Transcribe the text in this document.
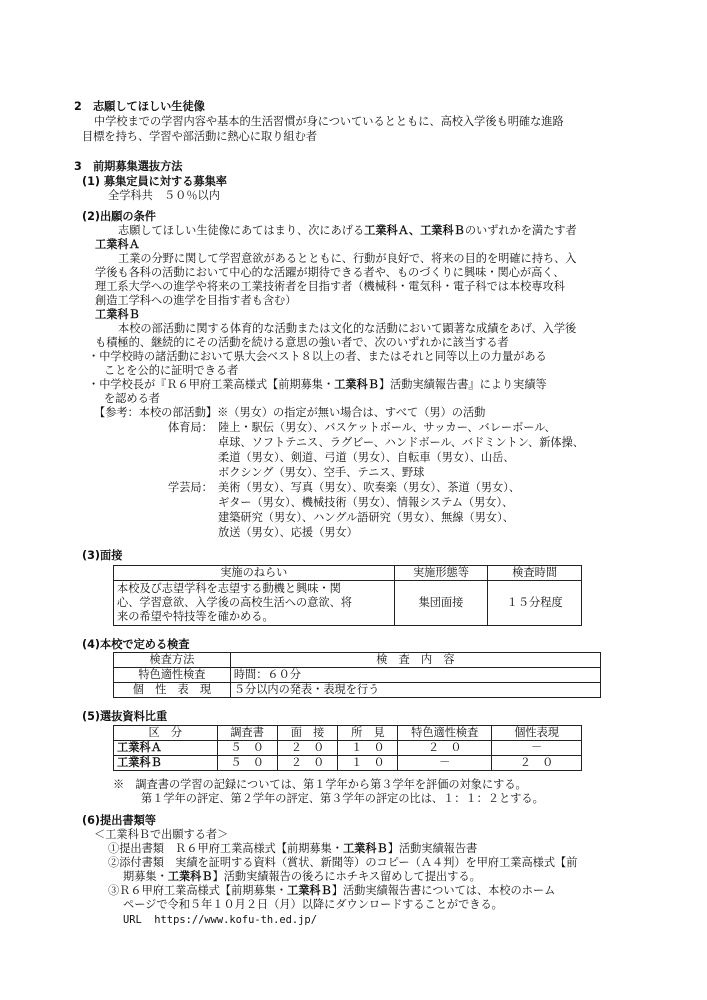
2　志願してほしい生徒像
中学校までの学習内容や基本的生活習慣が身についているとともに、高校入学後も明確な進路
目標を持ち、学習や部活動に熱心に取り組む者
3　前期募集選抜方法
(1) 募集定員に対する募集率
全学科共　５０％以内
(2)出願の条件
志願してほしい生徒像にあてはまり、次にあげる工業科Ａ、工業科Ｂのいずれかを満たす者
工業科Ａ
工業の分野に関して学習意欲があるとともに、行動が良好で、将来の目的を明確に持ち、入
学後も各科の活動において中心的な活躍が期待できる者や、ものづくりに興味・関心が高く、
理工系大学への進学や将来の工業技術者を目指す者（機械科・電気科・電子科では本校専攻科
創造工学科への進学を目指す者も含む）
工業科Ｂ
本校の部活動に関する体育的な活動または文化的な活動において顕著な成績をあげ、入学後
も積極的、継続的にその活動を続ける意思の強い者で、次のいずれかに該当する者
・中学校時の諸活動において県大会ベスト８以上の者、またはそれと同等以上の力量がある
ことを公的に証明できる者
・中学校長が『Ｒ６甲府工業高様式【前期募集・工業科Ｂ】活動実績報告書』により実績等
を認める者
【参考：本校の部活動】※（男女）の指定が無い場合は、すべて（男）の活動
体育局： 陸上・駅伝（男女）、バスケットボール、サッカー、バレーボール、
卓球、ソフトテニス、ラグビー、ハンドボール、バドミントン、新体操、
柔道（男女）、剣道、弓道（男女）、自転車（男女）、山岳、
ボクシング（男女）、空手、テニス、野球
学芸局： 美術（男女）、写真（男女）、吹奏楽（男女）、茶道（男女）、
ギター（男女）、機械技術（男女）、情報システム（男女）、
建築研究（男女）、ハングル語研究（男女）、無線（男女）、
放送（男女）、応援（男女）
(3)面接
実施のねらい	実施形態等	検査時間

本校及び志望学科を志望する動機と興味・関
心、学習意欲、入学後の高校生活への意欲、将
来の希望や特技等を確かめる。	集団面接	１５分程度
(4)本校で定める検査
検査方法	検　査　内　容
特色適性検査	時間：６０分
個　性　表　現	５分以内の発表・表現を行う
(5)選抜資料比重
区　分	調査書	面　接	所　見	特色適性検査	個性表現
工業科Ａ	５　０	２　０	１　０	２　０	－
工業科Ｂ	５　０	２　０	１　０	－	２　０
※　調査書の学習の記録については、第１学年から第３学年を評価の対象にする。
第１学年の評定、第２学年の評定、第３学年の評定の比は、１：１：２とする。
(6)提出書類等
＜工業科Ｂで出願する者＞
①提出書類　Ｒ６甲府工業高様式【前期募集・工業科Ｂ】活動実績報告書
②添付書類　実績を証明する資料（賞状、新聞等）のコピー（Ａ４判）を甲府工業高様式【前
期募集・工業科Ｂ】活動実績報告の後ろにホチキス留めして提出する。
③Ｒ６甲府工業高様式【前期募集・工業科Ｂ】活動実績報告書については、本校のホーム
ページで令和５年１０月２日（月）以降にダウンロードすることができる。
URL https://www.kofu-th.ed.jp/
